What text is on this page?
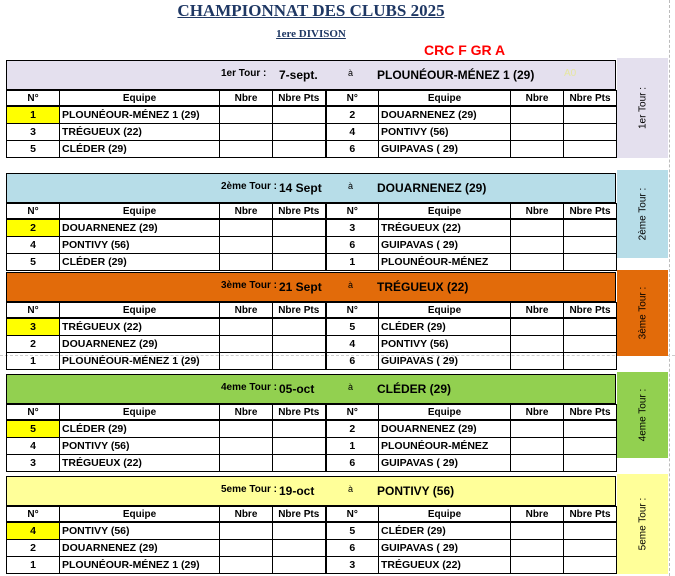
CHAMPIONNAT DES CLUBS 2025
1ere DIVISON
CRC F GR A
1er Tour : 7-sept.	à PLOUNÉOUR-MÉNEZ 1 (29)	A0
N°	Equipe	Nbre	Nbre Pts	N°	Equipe	Nbre	Nbre Pts
1	PLOUNÉOUR-MÉNEZ 1 (29)			2	DOUARNENEZ (29)		
3	TRÉGUEUX (22)			4	PONTIVY (56)		
5	CLÉDER (29)			6	GUIPAVAS ( 29)		
1er Tour :
2ème Tour : 14 Sept	à DOUARNENEZ (29)
N°	Equipe	Nbre	Nbre Pts	N°	Equipe	Nbre	Nbre Pts
2	DOUARNENEZ (29)			3	TRÉGUEUX (22)		
4	PONTIVY (56)			6	GUIPAVAS ( 29)		
5	CLÉDER (29)			1	PLOUNÉOUR-MÉNEZ		
2ème Tour :
3ème Tour : 21 Sept	à TRÉGUEUX (22)
N°	Equipe	Nbre	Nbre Pts	N°	Equipe	Nbre	Nbre Pts
3	TRÉGUEUX (22)			5	CLÉDER (29)		
2	DOUARNENEZ (29)			4	PONTIVY (56)		
1	PLOUNÉOUR-MÉNEZ 1 (29)			6	GUIPAVAS ( 29)		
3ème Tour :
4eme Tour : 05-oct	à CLÉDER (29)
N°	Equipe	Nbre	Nbre Pts	N°	Equipe	Nbre	Nbre Pts
5	CLÉDER (29)			2	DOUARNENEZ (29)		
4	PONTIVY (56)			1	PLOUNÉOUR-MÉNEZ		
3	TRÉGUEUX (22)			6	GUIPAVAS ( 29)		
4eme Tour :
5eme Tour : 19-oct	à PONTIVY (56)
N°	Equipe	Nbre	Nbre Pts	N°	Equipe	Nbre	Nbre Pts
4	PONTIVY (56)			5	CLÉDER (29)		
2	DOUARNENEZ (29)			6	GUIPAVAS ( 29)		
1	PLOUNÉOUR-MÉNEZ 1 (29)			3	TRÉGUEUX (22)		
5eme Tour :
